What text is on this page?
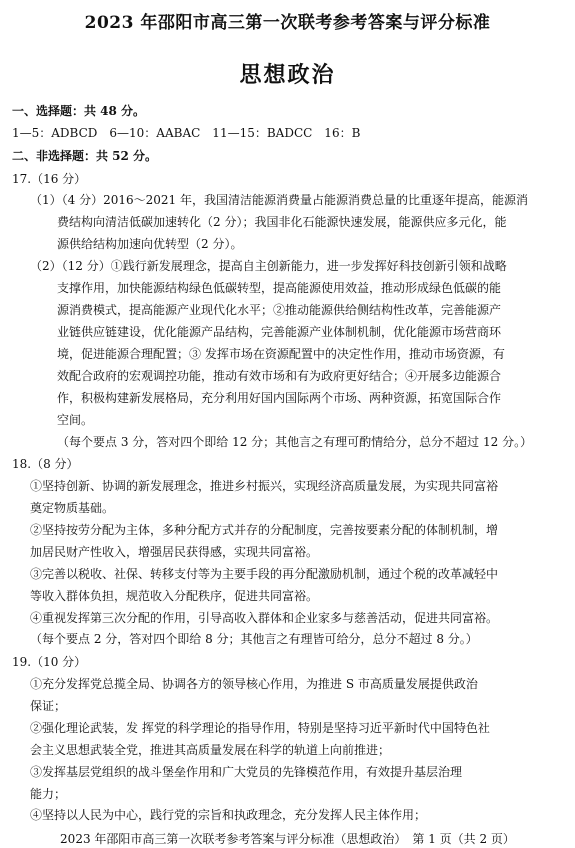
2023 年邵阳市高三第一次联考参考答案与评分标准
思想政治
一、选择题：共 48 分。
1—5：ADBCD　6—10：AABAC　11—15：BADCC　16：B
二、非选择题：共 52 分。
17.（16 分）
（1）（4 分）2016～2021 年，我国清洁能源消费量占能源消费总量的比重逐年提高，能源消
费结构向清洁低碳加速转化（2 分）；我国非化石能源快速发展，能源供应多元化，能
源供给结构加速向优转型（2 分）。
（2）（12 分）①践行新发展理念，提高自主创新能力，进一步发挥好科技创新引领和战略
支撑作用，加快能源结构绿色低碳转型，提高能源使用效益，推动形成绿色低碳的能
源消费模式，提高能源产业现代化水平；②推动能源供给侧结构性改革，完善能源产
业链供应链建设，优化能源产品结构，完善能源产业体制机制，优化能源市场营商环
境，促进能源合理配置；③ 发挥市场在资源配置中的决定性作用，推动市场资源，有
效配合政府的宏观调控功能，推动有效市场和有为政府更好结合；④开展多边能源合
作，积极构建新发展格局，充分利用好国内国际两个市场、两种资源，拓宽国际合作
空间。
（每个要点 3 分，答对四个即给 12 分；其他言之有理可酌情给分，总分不超过 12 分。）
18.（8 分）
①坚持创新、协调的新发展理念，推进乡村振兴，实现经济高质量发展，为实现共同富裕
奠定物质基础。
②坚持按劳分配为主体，多种分配方式并存的分配制度，完善按要素分配的体制机制，增
加居民财产性收入，增强居民获得感，实现共同富裕。
③完善以税收、社保、转移支付等为主要手段的再分配激励机制，通过个税的改革减轻中
等收入群体负担，规范收入分配秩序，促进共同富裕。
④重视发挥第三次分配的作用，引导高收入群体和企业家多与慈善活动，促进共同富裕。
（每个要点 2 分，答对四个即给 8 分；其他言之有理皆可给分，总分不超过 8 分。）
19.（10 分）
①充分发挥党总揽全局、协调各方的领导核心作用，为推进 S 市高质量发展提供政治
保证；
②强化理论武装，发 挥党的科学理论的指导作用，特别是坚持习近平新时代中国特色社
会主义思想武装全党，推进其高质量发展在科学的轨道上向前推进；
③发挥基层党组织的战斗堡垒作用和广大党员的先锋模范作用，有效提升基层治理
能力；
④坚持以人民为中心，践行党的宗旨和执政理念，充分发挥人民主体作用；
2023 年邵阳市高三第一次联考参考答案与评分标准（思想政治）　第 1 页（共 2 页）
